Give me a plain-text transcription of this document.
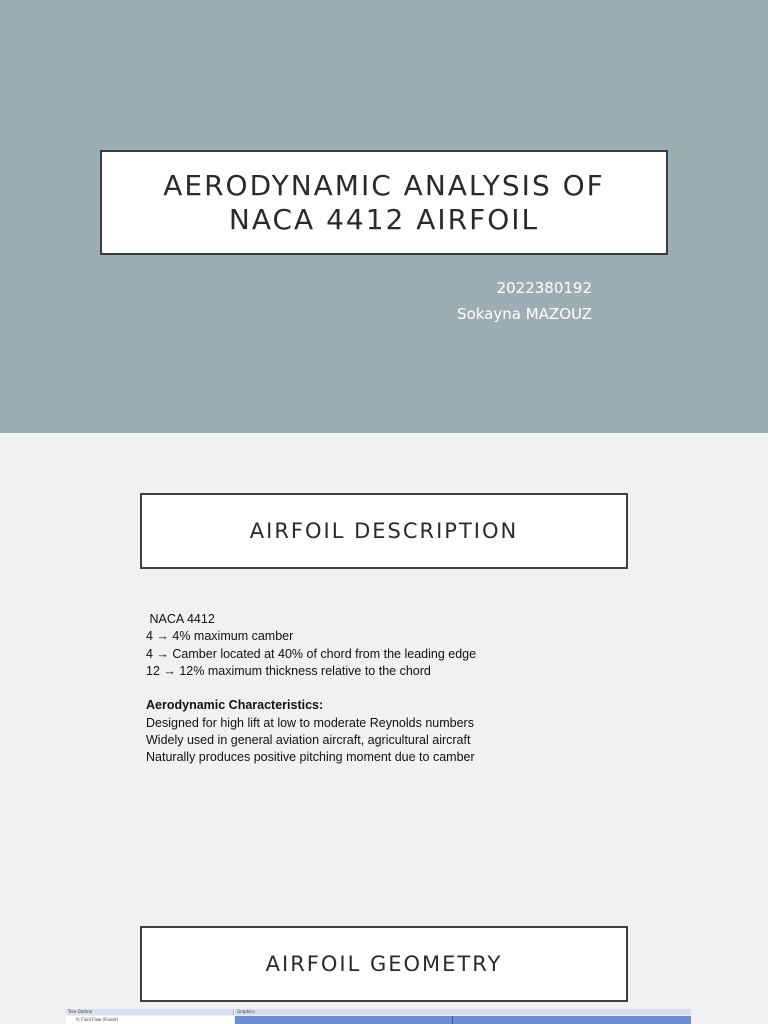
AERODYNAMIC ANALYSIS OF
NACA 4412 AIRFOIL
2022380192
Sokayna MAZOUZ
AIRFOIL DESCRIPTION
NACA 4412
4 → 4% maximum camber
4 → Camber located at 40% of chord from the leading edge
12 → 12% maximum thickness relative to the chord
Aerodynamic Characteristics:
Designed for high lift at low to moderate Reynolds numbers
Widely used in general aviation aircraft, agricultural aircraft
Naturally produces positive pitching moment due to camber
AIRFOIL GEOMETRY
Tree Outline
A: Fluid Flow (Fluent)
Graphics
